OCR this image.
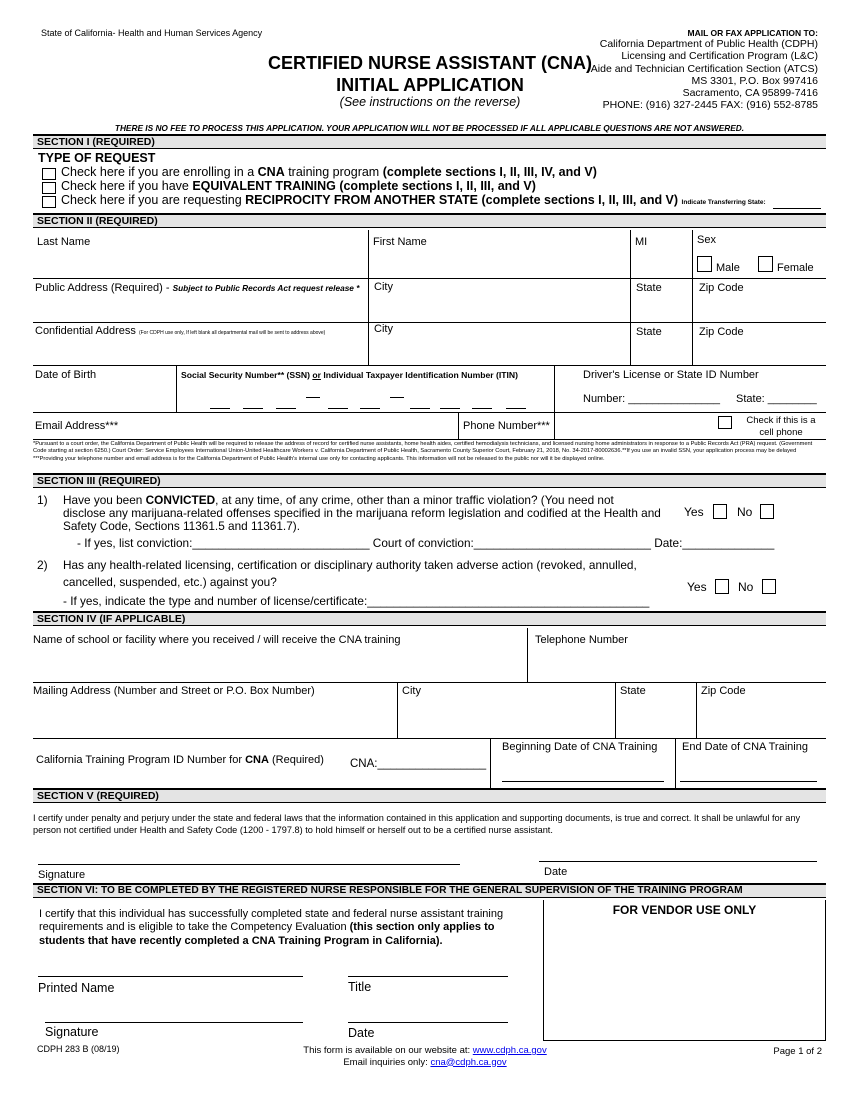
State of California- Health and Human Services Agency
CERTIFIED NURSE ASSISTANT (CNA)
INITIAL APPLICATION
(See instructions on the reverse)
MAIL OR FAX APPLICATION TO:
California Department of Public Health (CDPH)
Licensing and Certification Program (L&C)
Aide and Technician Certification Section (ATCS)
MS 3301, P.O. Box 997416
Sacramento, CA 95899-7416
PHONE: (916) 327-2445 FAX: (916) 552-8785
THERE IS NO FEE TO PROCESS THIS APPLICATION. YOUR APPLICATION WILL NOT BE PROCESSED IF ALL APPLICABLE QUESTIONS ARE NOT ANSWERED.
SECTION I (REQUIRED)
TYPE OF REQUEST
Check here if you are enrolling in a CNA training program (complete sections I, II, III, IV, and V)
Check here if you have EQUIVALENT TRAINING (complete sections I, II, III, and V)
Check here if you are requesting RECIPROCITY FROM ANOTHER STATE (complete sections I, II, III, and V) Indicate Transferring State:
SECTION II (REQUIRED)
Last Name	First Name	MI	Sex
Male	Female
Public Address (Required) - Subject to Public Records Act request release * City	State	Zip Code
Confidential Address (For CDPH use only, If left blank all departmental mail will be sent to address above)	City	State	Zip Code
Date of Birth	Social Security Number** (SSN) or Individual Taxpayer Identification Number (ITIN)	Driver's License or State ID Number
Number: _______________ State: ________
Email Address***	Phone Number***	Check if this is a
cell phone
*Pursuant to a court order, the California Department of Public Health will be required to release the address of record for certified nurse assistants, home health aides, certified hemodialysis technicians, and licensed nursing home administrators in response to a Public Records Act (PRA) request. (Government Code starting at section 6250.) Court Order: Service Employees International Union-United Healthcare Workers v. California Department of Public Health, Sacramento County Superior Court, February 21, 2018, No. 34-2017-80002636.**If you use an invalid SSN, your application process may be delayed ***Providing your telephone number and email address is for the California Department of Public Health's internal use only for contacting applicants. This information will not be released to the public nor will it be displayed online.
SECTION III (REQUIRED)
1) Have you been CONVICTED, at any time, of any crime, other than a minor traffic violation? (You need not
disclose any marijuana-related offenses specified in the marijuana reform legislation and codified at the Health and
Safety Code, Sections 11361.5 and 11361.7).
Yes	No
- If yes, list conviction:___________________________ Court of conviction:___________________________ Date:______________
2) Has any health-related licensing, certification or disciplinary authority taken adverse action (revoked, annulled,
cancelled, suspended, etc.) against you?	Yes	No
- If yes, indicate the type and number of license/certificate:___________________________________________
SECTION IV (IF APPLICABLE)
Name of school or facility where you received / will receive the CNA training	Telephone Number
Mailing Address (Number and Street or P.O. Box Number)	City	State	Zip Code
California Training Program ID Number for CNA (Required) CNA:_________________
Beginning Date of CNA Training End Date of CNA Training
SECTION V (REQUIRED)
I certify under penalty and perjury under the state and federal laws that the information contained in this application and supporting documents, is true and correct. It shall be unlawful for any person not certified under Health and Safety Code (1200 - 1797.8) to hold himself or herself out to be a certified nurse assistant.
Signature	Date
SECTION VI: TO BE COMPLETED BY THE REGISTERED NURSE RESPONSIBLE FOR THE GENERAL SUPERVISION OF THE TRAINING PROGRAM
I certify that this individual has successfully completed state and federal nurse assistant training requirements and is eligible to take the Competency Evaluation (this section only applies to students that have recently completed a CNA Training Program in California).
FOR VENDOR USE ONLY
Printed Name	Title
Signature	Date
CDPH 283 B (08/19)	This form is available on our website at: www.cdph.ca.gov
Email inquiries only: cna@cdph.ca.gov
Page 1 of 2
